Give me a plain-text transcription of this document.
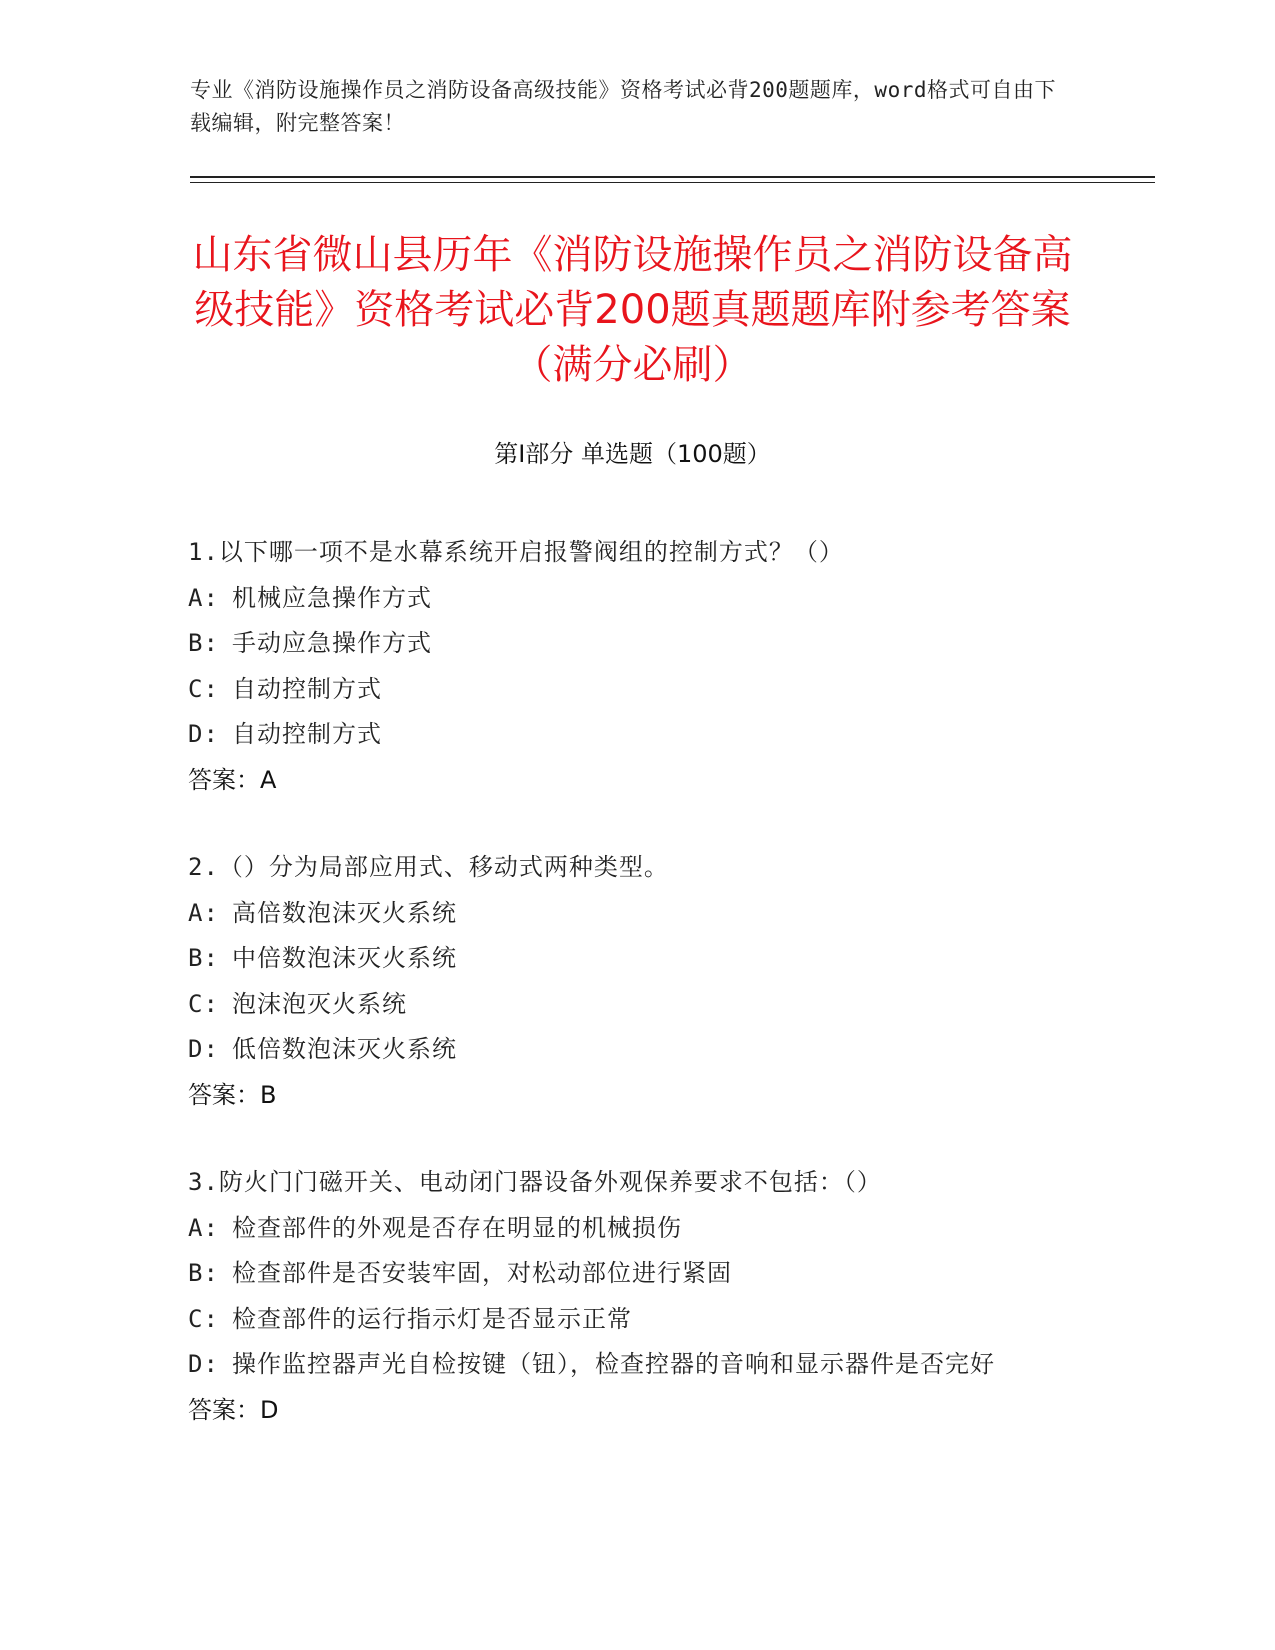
专业《消防设施操作员之消防设备高级技能》资格考试必背200题题库，word格式可自由下载编辑，附完整答案！
山东省微山县历年《消防设施操作员之消防设备高级技能》资格考试必背200题真题题库附参考答案（满分必刷）
第Ⅰ部分 单选题（100题）
1.以下哪一项不是水幕系统开启报警阀组的控制方式？（）
A: 机械应急操作方式
B: 手动应急操作方式
C: 自动控制方式
D: 自动控制方式
答案：A
2.（）分为局部应用式、移动式两种类型。
A: 高倍数泡沫灭火系统
B: 中倍数泡沫灭火系统
C: 泡沫泡灭火系统
D: 低倍数泡沫灭火系统
答案：B
3.防火门门磁开关、电动闭门器设备外观保养要求不包括：（）
A: 检查部件的外观是否存在明显的机械损伤
B: 检查部件是否安装牢固，对松动部位进行紧固
C: 检查部件的运行指示灯是否显示正常
D: 操作监控器声光自检按键（钮），检查控器的音响和显示器件是否完好
答案：D
